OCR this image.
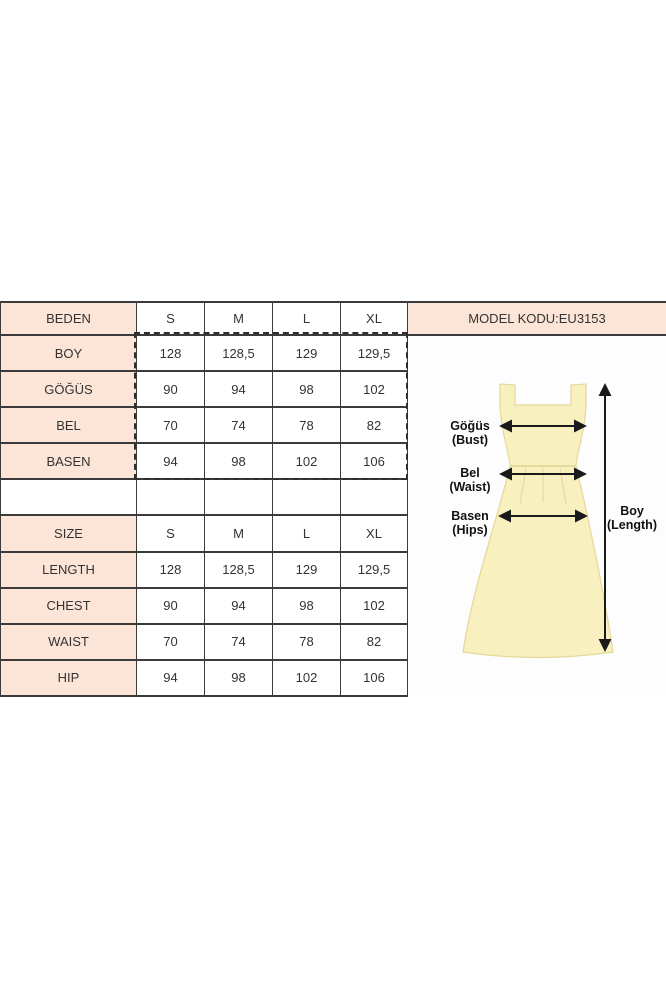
BEDEN	S	M	L	XL	MODEL KODU:EU3153
BOY	128	128,5	129	129,5	
Göğüs
(Bust)
Bel
(Waist)
Basen
(Hips)
Boy
(Length)

GÖĞÜS	90	94	98	102	
BEL	70	74	78	82	
BASEN	94	98	102	106	

SIZE	S	M	L	XL	
LENGTH	128	128,5	129	129,5	
CHEST	90	94	98	102	
WAIST	70	74	78	82	
HIP	94	98	102	106	
